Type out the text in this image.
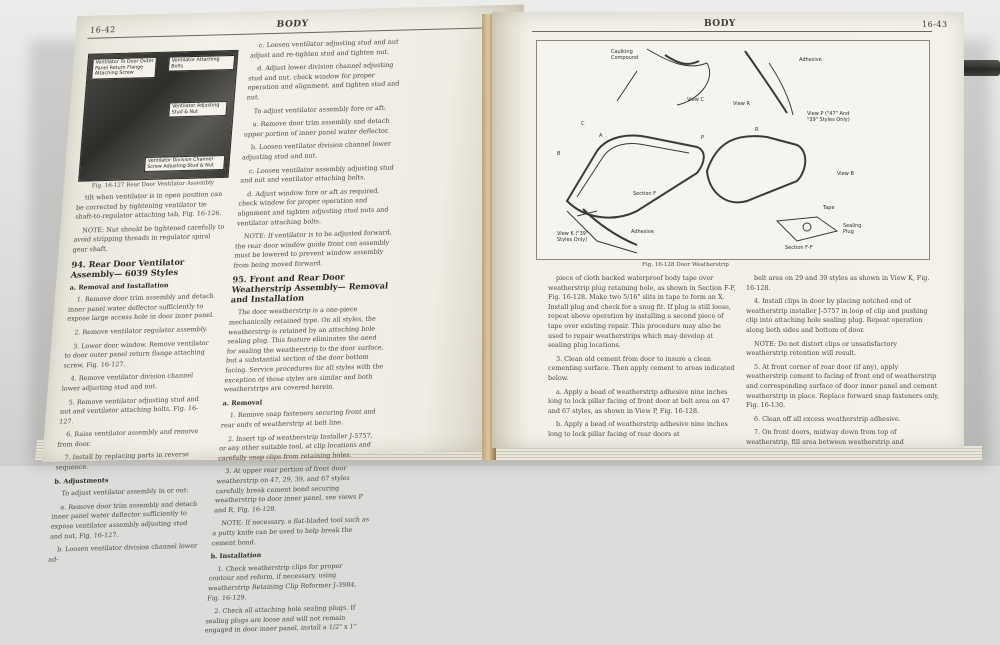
16-42
BODY
Ventilator To Door Outer Panel Return Flange Attaching Screw
Ventilator Attaching Bolts
Ventilator Adjusting Stud & Nut
Ventilator Division Channel Screw Adjusting Stud & Nut
Fig. 16-127 Rear Door Ventilator Assembly

tilt when ventilator is in open position can be corrected by tightening ventilator tie shaft-to-regulator attaching tab, Fig. 16-126.

NOTE: Nut should be tightened carefully to avoid stripping threads in regulator spiral gear shaft.

94. Rear Door Ventilator Assembly— 6039 Styles
a. Removal and Installation

1. Remove door trim assembly and detach inner panel water deflector sufficiently to expose large access hole in door inner panel.

2. Remove ventilator regulator assembly.

3. Lower door window. Remove ventilator to door outer panel return flange attaching screw, Fig. 16-127.

4. Remove ventilator division channel lower adjusting stud and nut.

5. Remove ventilator adjusting stud and nut and ventilator attaching bolts, Fig. 16-127.

6. Raise ventilator assembly and remove from door.

7. Install by replacing parts in reverse sequence.

b. Adjustments

To adjust ventilator assembly in or out:

a. Remove door trim assembly and detach inner panel water deflector sufficiently to expose ventilator assembly adjusting stud and nut, Fig. 16-127.

b. Loosen ventilator division channel lower ad-

c. Loosen ventilator adjusting stud and nut adjust and re-tighten stud and tighten nut.

d. Adjust lower division channel adjusting stud and nut, check window for proper operation and alignment, and tighten stud and nut.

To adjust ventilator assembly fore or aft:

a. Remove door trim assembly and detach upper portion of inner panel water deflector.

b. Loosen ventilator division channel lower adjusting stud and nut.

c. Loosen ventilator assembly adjusting stud and nut and ventilator attaching bolts.

d. Adjust window fore or aft as required, check window for proper operation and alignment and tighten adjusting stud nuts and ventilator attaching bolts.

NOTE: If ventilator is to be adjusted forward, the rear door window guide front can assembly must be lowered to prevent window assembly from being moved forward.

95. Front and Rear Door Weatherstrip Assembly— Removal and Installation

The door weatherstrip is a one-piece mechanically retained type. On all styles, the weatherstrip is retained by an attaching hole sealing plug. This feature eliminates the need for sealing the weatherstrip to the door surface, but a substantial section of the door bottom facing. Service procedures for all styles with the exception of those styles are similar and both weatherstrips are covered herein.

a. Removal

1. Remove snap fasteners securing front and rear ends of weatherstrip at belt line.

2. Insert tip of weatherstrip Installer J-5757, or any other suitable tool, at clip locations and carefully snap clips from retaining holes.

3. At upper rear portion of front door weatherstrip on 47, 29, 39, and 67 styles carefully break cement bond securing weatherstrip to door inner panel, see views P and R, Fig. 16-128.

NOTE: If necessary, a flat-bladed tool such as a putty knife can be used to help break the cement bond.

b. Installation

1. Check weatherstrip clips for proper contour and reform, if necessary, using weatherstrip Retaining Clip Reformer J-3984, Fig. 16-129.

2. Check all attaching hole sealing plugs. If sealing plugs are loose and will not remain engaged in door inner panel, install a 1/2" x 1"

BODY	16-43
Caulking Compound
View C
View R
Adhesive
View P ("47" And "39" Styles Only)
View B
Section F
View K ("39" Styles Only)
Adhesive
Tape
Sealing Plug
Section F-F
A
B
C
P
R
Fig. 16-128 Door Weatherstrip

piece of cloth backed waterproof body tape over weatherstrip plug retaining hole, as shown in Section F-F, Fig. 16-128. Make two 5/16" slits in tape to form an X. Install plug and check for a snug fit. If plug is still loose, repeat above operation by installing a second piece of tape over existing repair. This procedure may also be used to repair weatherstrips which may develop at sealing plug locations.

3. Clean old cement from door to insure a clean cementing surface. Then apply cement to areas indicated below.

a. Apply a bead of weatherstrip adhesive nine inches long to lock pillar facing of front door at belt area on 47 and 67 styles, as shown in View P, Fig. 16-128.

b. Apply a bead of weatherstrip adhesive nine inches long to lock pillar facing of rear doors at

belt area on 29 and 39 styles as shown in View K, Fig. 16-128.

4. Install clips in door by placing notched end of weatherstrip installer J-5757 in loop of clip and pushing clip into attaching hole sealing plug. Repeat operation along both sides and bottom of door.

NOTE: Do not distort clips or unsatisfactory weatherstrip retention will result.

5. At front corner of rear door (if any), apply weatherstrip cement to facing of front end of weatherstrip and corresponding surface of door inner panel and cement weatherstrip in place. Replace forward snap fasteners only, Fig. 16-130.

6. Clean off all excess weatherstrip adhesive.

7. On front doors, midway down from top of weatherstrip, fill area between weatherstrip and
